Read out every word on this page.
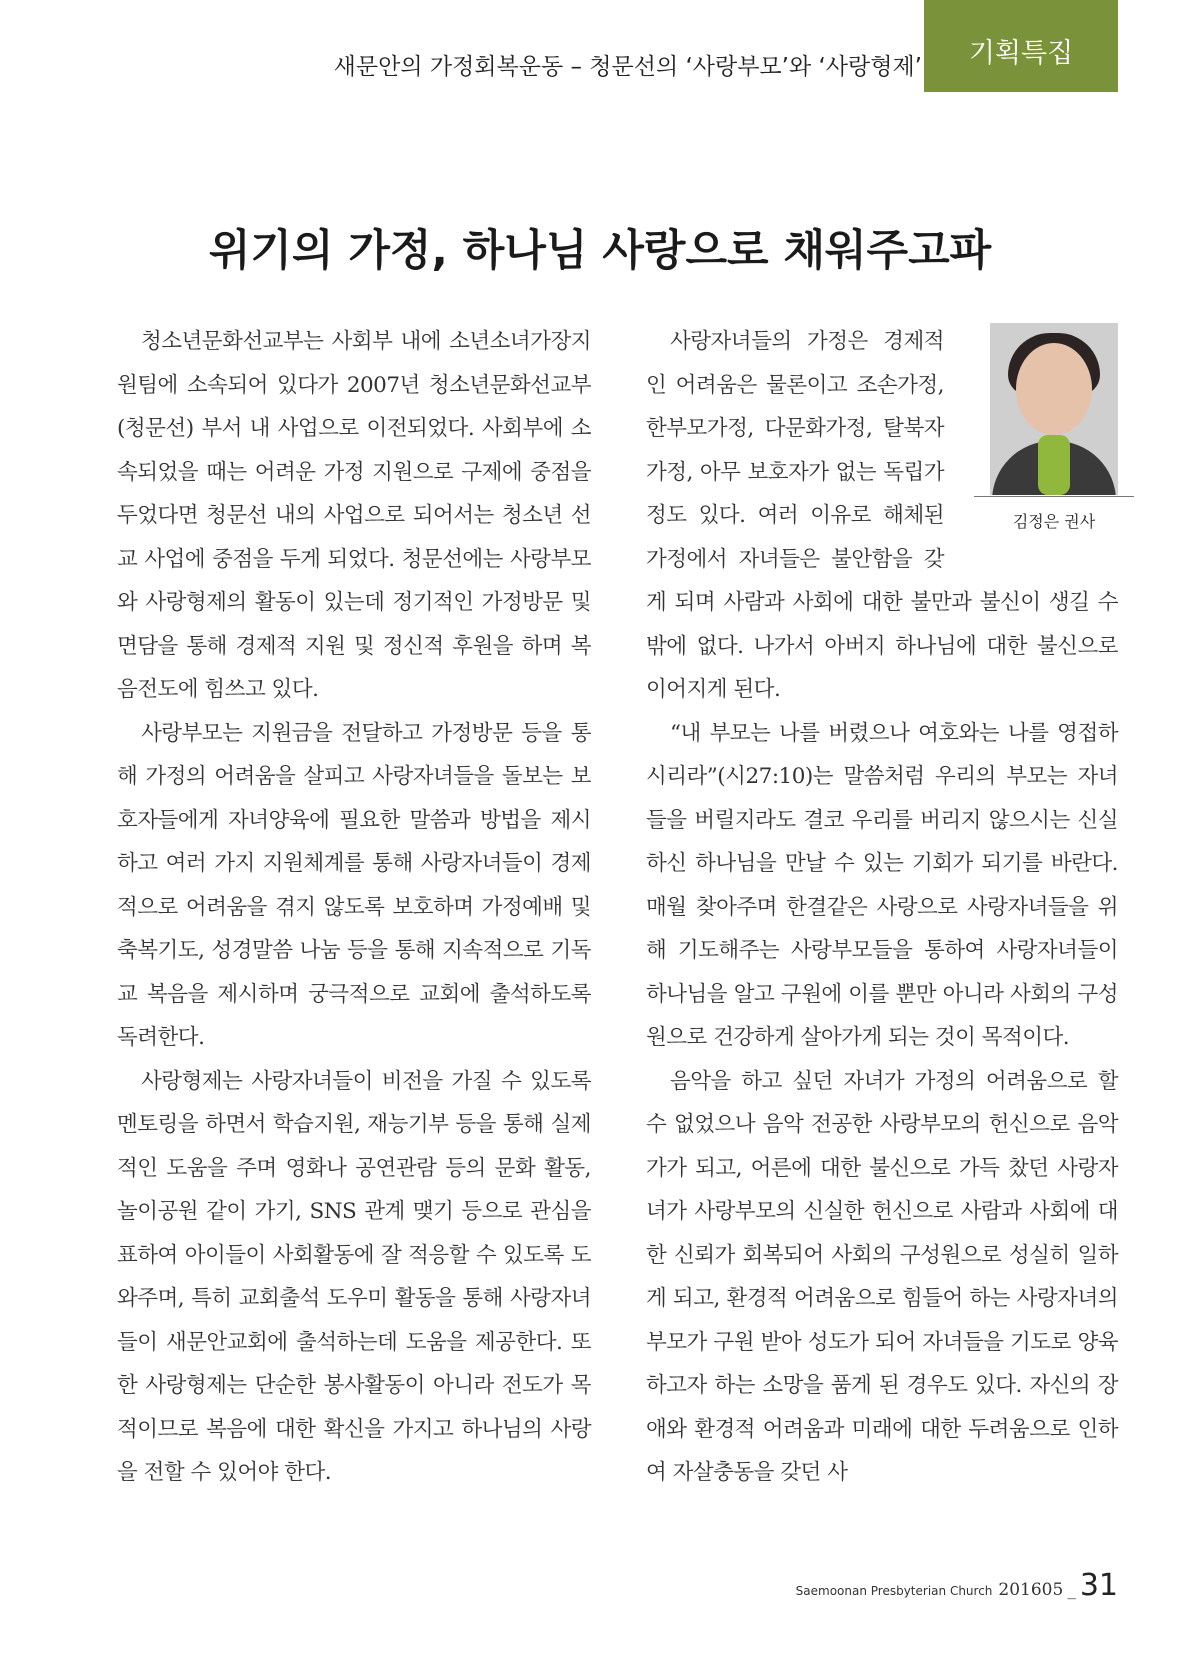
새문안의 가정회복운동 – 청문선의 ‘사랑부모’와 ‘사랑형제’	기획특집
위기의 가정, 하나님 사랑으로 채워주고파

청소년문화선교부는 사회부 내에 소년소녀가장지원팀에 소속되어 있다가 2007년 청소년문화선교부(청문선) 부서 내 사업으로 이전되었다. 사회부에 소속되었을 때는 어려운 가정 지원으로 구제에 중점을 두었다면 청문선 내의 사업으로 되어서는 청소년 선교 사업에 중점을 두게 되었다. 청문선에는 사랑부모와 사랑형제의 활동이 있는데 정기적인 가정방문 및 면담을 통해 경제적 지원 및 정신적 후원을 하며 복음전도에 힘쓰고 있다.

사랑부모는 지원금을 전달하고 가정방문 등을 통해 가정의 어려움을 살피고 사랑자녀들을 돌보는 보호자들에게 자녀양육에 필요한 말씀과 방법을 제시하고 여러 가지 지원체계를 통해 사랑자녀들이 경제적으로 어려움을 겪지 않도록 보호하며 가정예배 및 축복기도, 성경말씀 나눔 등을 통해 지속적으로 기독교 복음을 제시하며 궁극적으로 교회에 출석하도록 독려한다.

사랑형제는 사랑자녀들이 비전을 가질 수 있도록 멘토링을 하면서 학습지원, 재능기부 등을 통해 실제적인 도움을 주며 영화나 공연관람 등의 문화 활동, 놀이공원 같이 가기, SNS 관계 맺기 등으로 관심을 표하여 아이들이 사회활동에 잘 적응할 수 있도록 도와주며, 특히 교회출석 도우미 활동을 통해 사랑자녀들이 새문안교회에 출석하는데 도움을 제공한다. 또한 사랑형제는 단순한 봉사활동이 아니라 전도가 목적이므로 복음에 대한 확신을 가지고 하나님의 사랑을 전할 수 있어야 한다.

김정은 권사

사랑자녀들의 가정은 경제적인 어려움은 물론이고 조손가정, 한부모가정, 다문화가정, 탈북자 가정, 아무 보호자가 없는 독립가정도 있다. 여러 이유로 해체된 가정에서 자녀들은 불안함을 갖게 되며 사람과 사회에 대한 불만과 불신이 생길 수밖에 없다. 나가서 아버지 하나님에 대한 불신으로 이어지게 된다.

“내 부모는 나를 버렸으나 여호와는 나를 영접하시리라”(시27:10)는 말씀처럼 우리의 부모는 자녀들을 버릴지라도 결코 우리를 버리지 않으시는 신실하신 하나님을 만날 수 있는 기회가 되기를 바란다. 매월 찾아주며 한결같은 사랑으로 사랑자녀들을 위해 기도해주는 사랑부모들을 통하여 사랑자녀들이 하나님을 알고 구원에 이를 뿐만 아니라 사회의 구성원으로 건강하게 살아가게 되는 것이 목적이다.

음악을 하고 싶던 자녀가 가정의 어려움으로 할 수 없었으나 음악 전공한 사랑부모의 헌신으로 음악가가 되고, 어른에 대한 불신으로 가득 찼던 사랑자녀가 사랑부모의 신실한 헌신으로 사람과 사회에 대한 신뢰가 회복되어 사회의 구성원으로 성실히 일하게 되고, 환경적 어려움으로 힘들어 하는 사랑자녀의 부모가 구원 받아 성도가 되어 자녀들을 기도로 양육하고자 하는 소망을 품게 된 경우도 있다. 자신의 장애와 환경적 어려움과 미래에 대한 두려움으로 인하여 자살충동을 갖던 사

Saemoonan Presbyterian Church 201605 _ 31
